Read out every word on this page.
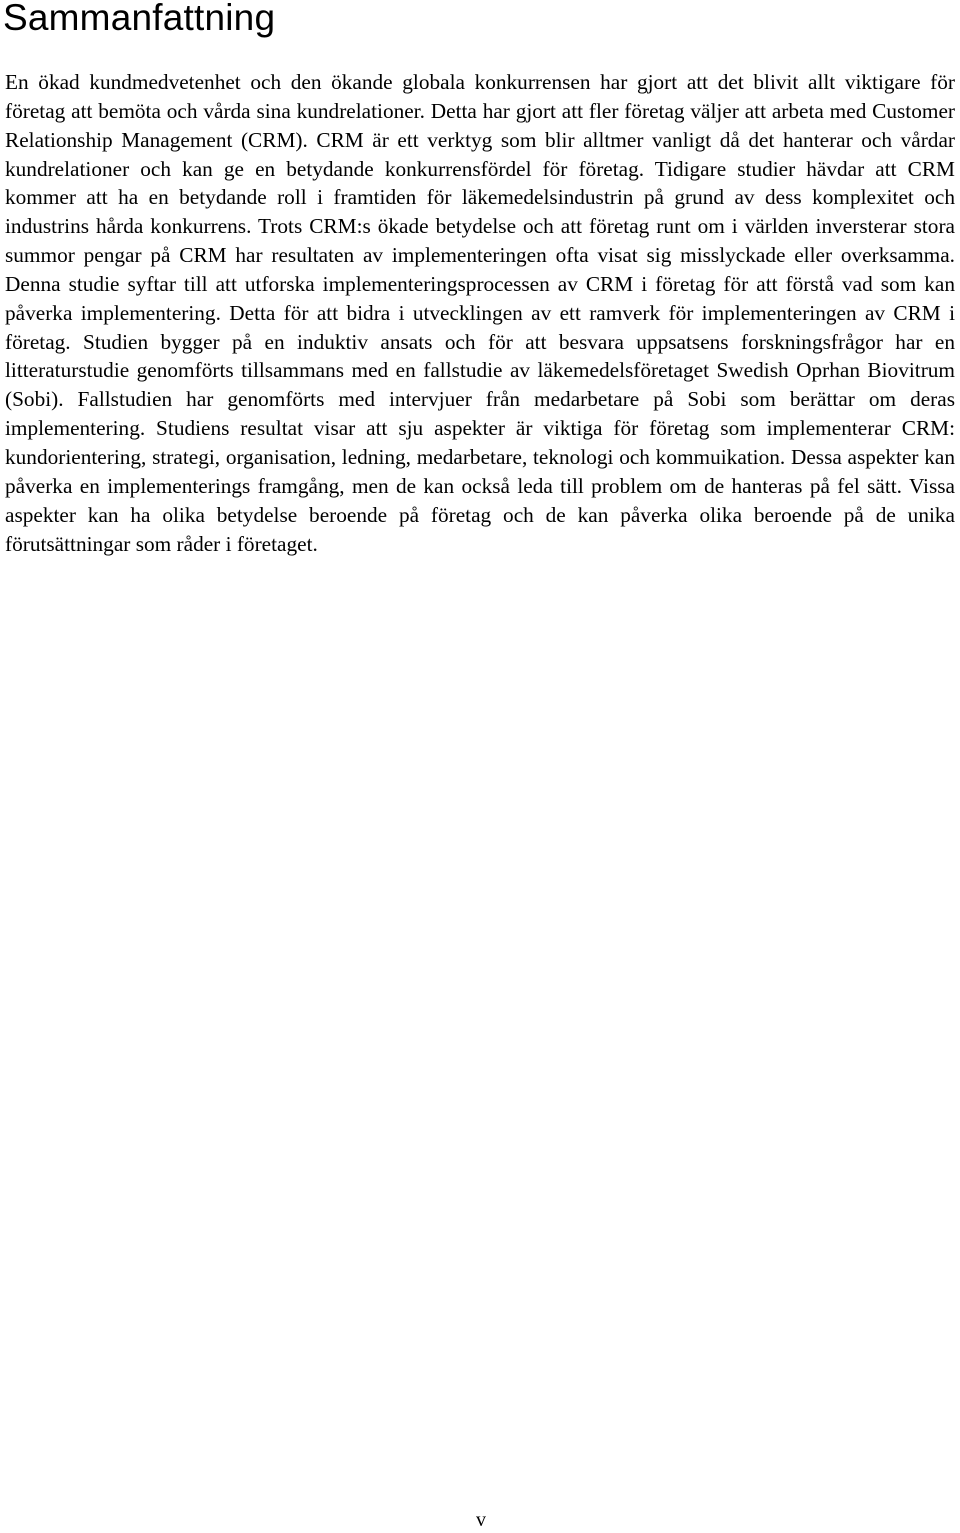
Sammanfattning

En ökad kundmedvetenhet och den ökande globala konkurrensen har gjort att det blivit allt viktigare för företag att bemöta och vårda sina kundrelationer. Detta har gjort att fler företag väljer att arbeta med Customer Relationship Management (CRM). CRM är ett verktyg som blir alltmer vanligt då det hanterar och vårdar kundrelationer och kan ge en betydande konkurrensfördel för företag. Tidigare studier hävdar att CRM kommer att ha en betydande roll i framtiden för läkemedelsindustrin på grund av dess komplexitet och industrins hårda konkurrens. Trots CRM:s ökade betydelse och att företag runt om i världen inversterar stora summor pengar på CRM har resultaten av implementeringen ofta visat sig misslyckade eller overksamma. Denna studie syftar till att utforska implementeringsprocessen av CRM i företag för att förstå vad som kan påverka implementering. Detta för att bidra i utvecklingen av ett ramverk för implementeringen av CRM i företag. Studien bygger på en induktiv ansats och för att besvara uppsatsens forskningsfrågor har en litteraturstudie genomförts tillsammans med en fallstudie av läkemedelsföretaget Swedish Oprhan Biovitrum (Sobi). Fallstudien har genomförts med intervjuer från medarbetare på Sobi som berättar om deras implementering. Studiens resultat visar att sju aspekter är viktiga för företag som implementerar CRM: kundorientering, strategi, organisation, ledning, medarbetare, teknologi och kommuikation. Dessa aspekter kan påverka en implementerings framgång, men de kan också leda till problem om de hanteras på fel sätt. Vissa aspekter kan ha olika betydelse beroende på företag och de kan påverka olika beroende på de unika förutsättningar som råder i företaget.

v
